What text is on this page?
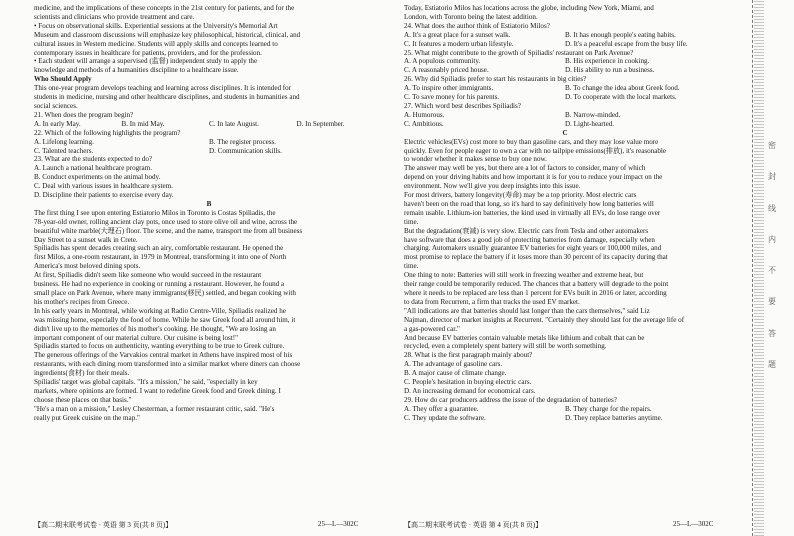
medicine, and the implications of these concepts in the 21st century for patients, and for the

scientists and clinicians who provide treatment and care.

• Focus on observational skills. Experiential sessions at the University's Memorial Art

Museum and classroom discussions will emphasize key philosophical, historical, clinical, and

cultural issues in Western medicine. Students will apply skills and concepts learned to

contemporary issues in healthcare for patients, providers, and for the profession.

• Each student will arrange a supervised (监督) independent study to apply the

knowledge and methods of a humanities discipline to a healthcare issue.

Who Should Apply

This one-year program develops teaching and learning across disciplines. It is intended for

students in medicine, nursing and other healthcare disciplines, and students in humanities and

social sciences.

21. When does the program begin?

A. In early May.	B. In mid May.	C. In late August.	D. In September.

22. Which of the following highlights the program?

A. Lifelong learning.	B. The register process.
C. Talented teachers.	D. Communication skills.

23. What are the students expected to do?

A. Launch a national healthcare program.

B. Conduct experiments on the animal body.

C. Deal with various issues in healthcare system.

D. Discipline their patients to exercise every day.

B

The first thing I see upon entering Estiatorio Milos in Toronto is Costas Spiliadis, the

78-year-old owner, rolling ancient clay pots, once used to store olive oil and wine, across the

beautiful white marble(大理石) floor. The scene, and the name, transport me from all business

Day Street to a sunset walk in Crete.

Spiliadis has spent decades creating such an airy, comfortable restaurant. He opened the

first Milos, a one-room restaurant, in 1979 in Montreal, transforming it into one of North

America's most beloved dining spots.

At first, Spiliadis didn't seem like someone who would succeed in the restaurant

business. He had no experience in cooking or running a restaurant. However, he found a

small place on Park Avenue, where many immigrants(移民) settled, and began cooking with

his mother's recipes from Greece.

In his early years in Montreal, while working at Radio Centre-Ville, Spiliadis realized he

was missing home, especially the food of home. While he saw Greek food all around him, it

didn't live up to the memories of his mother's cooking. He thought, "We are losing an

important component of our material culture. Our cuisine is being lost!"

Spiliadis started to focus on authenticity, wanting everything to be true to Greek culture.

The generous offerings of the Varvakios central market in Athens have inspired most of his

restaurants, with each dining room transformed into a similar market where diners can choose

ingredients(食材) for their meals.

Spiliadis' target was global capitals. "It's a mission," he said, "especially in key

markets, where opinions are formed. I want to redefine Greek food and Greek dining. I

choose these places on that basis."

"He's a man on a mission," Lesley Chesterman, a former restaurant critic, said. "He's

really put Greek cuisine on the map."

Today, Estiatorio Milos has locations across the globe, including New York, Miami, and

London, with Toronto being the latest addition.

24. What does the author think of Estiatorio Milos?

A. It's a great place for a sunset walk.	B. It has enough people's eating habits.
C. It features a modern urban lifestyle.	D. It's a peaceful escape from the busy life.

25. What might contribute to the growth of Spiliadis' restaurant on Park Avenue?

A. A populous community.	B. His experience in cooking.
C. A reasonably priced house.	D. His ability to run a business.

26. Why did Spiliadis prefer to start his restaurants in big cities?

A. To inspire other immigrants.	B. To change the idea about Greek food.
C. To save money for his parents.	D. To cooperate with the local markets.

27. Which word best describes Spiliadis?

A. Humorous.	B. Narrow-minded.
C. Ambitious.	D. Light-hearted.

C

Electric vehicles(EVs) cost more to buy than gasoline cars, and they may lose value more

quickly. Even for people eager to own a car with no tailpipe emissions(排放), it's reasonable

to wonder whether it makes sense to buy one now.

The answer may well be yes, but there are a lot of factors to consider, many of which

depend on your driving habits and how important it is for you to reduce your impact on the

environment. Now we'll give you deep insights into this issue.

For most drivers, battery longevity(寿命) may be a top priority. Most electric cars

haven't been on the road that long, so it's hard to say definitively how long batteries will

remain usable. Lithium-ion batteries, the kind used in virtually all EVs, do lose range over

time.

But the degradation(衰减) is very slow. Electric cars from Tesla and other automakers

have software that does a good job of protecting batteries from damage, especially when

charging. Automakers usually guarantee EV batteries for eight years or 100,000 miles, and

most promise to replace the battery if it loses more than 30 percent of its capacity during that

time.

One thing to note: Batteries will still work in freezing weather and extreme heat, but

their range could be temporarily reduced. The chances that a battery will degrade to the point

where it needs to be replaced are less than 1 percent for EVs built in 2016 or later, according

to data from Recurrent, a firm that tracks the used EV market.

"All indications are that batteries should last longer than the cars themselves," said Liz

Najman, director of market insights at Recurrent. "Certainly they should last for the average life of

a gas-powered car."

And because EV batteries contain valuable metals like lithium and cobalt that can be

recycled, even a completely spent battery will still be worth something.

28. What is the first paragraph mainly about?

A. The advantage of gasoline cars.

B. A major cause of climate change.

C. People's hesitation in buying electric cars.

D. An increasing demand for economical cars.

29. How do car producers address the issue of the degradation of batteries?

A. They offer a guarantee.	B. They charge for the repairs.
C. They update the software.	D. They replace batteries anytime.
【高二期末联考试卷 · 英语 第 3 页(共 8 页)】	25—L—302C	【高二期末联考试卷 · 英语 第 4 页(共 8 页)】	25—L—302C
密
封
线
内
不
要
答
题
